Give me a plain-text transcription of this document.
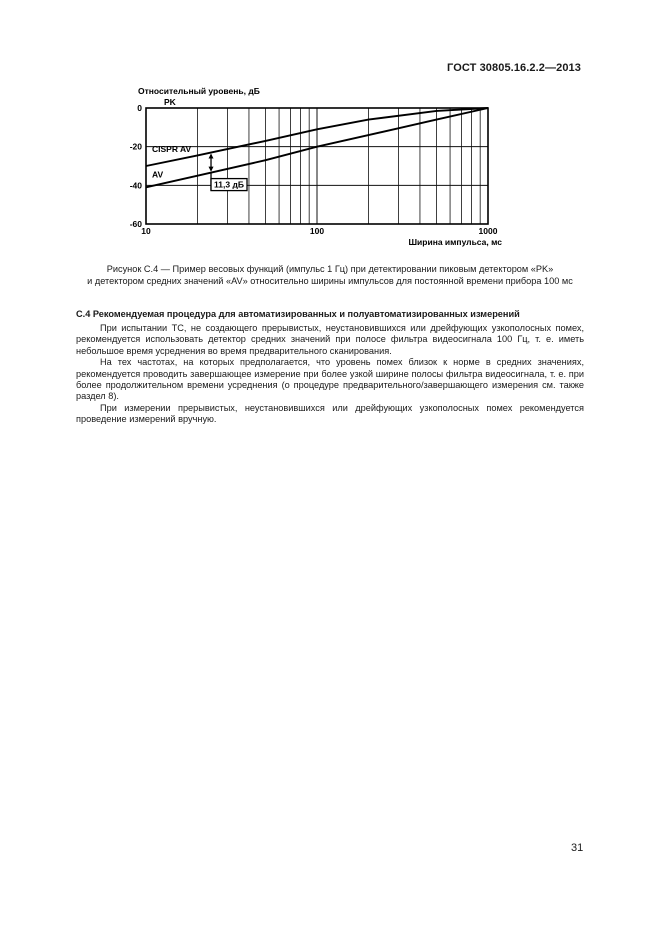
ГОСТ 30805.16.2.2—2013
0
-20
-40
-60
10	100	1000
CISPR AV
AV
PK
11,3 дБ
Относительный уровень, дБ
Ширина импульса, мс
Рисунок С.4 — Пример весовых функций (импульс 1 Гц) при детектировании пиковым детектором «PK»
и детектором средних значений «AV» относительно ширины импульсов для постоянной времени прибора 100 мс
С.4 Рекомендуемая процедура для автоматизированных и полуавтоматизированных измерений

При испытании ТС, не создающего прерывистых, неустановившихся или дрейфующих узкополосных помех, рекомендуется использовать детектор средних значений при полосе фильтра видеосигнала 100 Гц, т. е. иметь небольшое время усреднения во время предварительного сканирования.

На тех частотах, на которых предполагается, что уровень помех близок к норме в средних значениях, рекомендуется проводить завершающее измерение при более узкой ширине полосы фильтра видеосигнала, т. е. при более продолжительном времени усреднения (о процедуре предварительного/завершающего измерения см. также раздел 8).

При измерении прерывистых, неустановившихся или дрейфующих узкополосных помех рекомендуется проведение измерений вручную.

31
